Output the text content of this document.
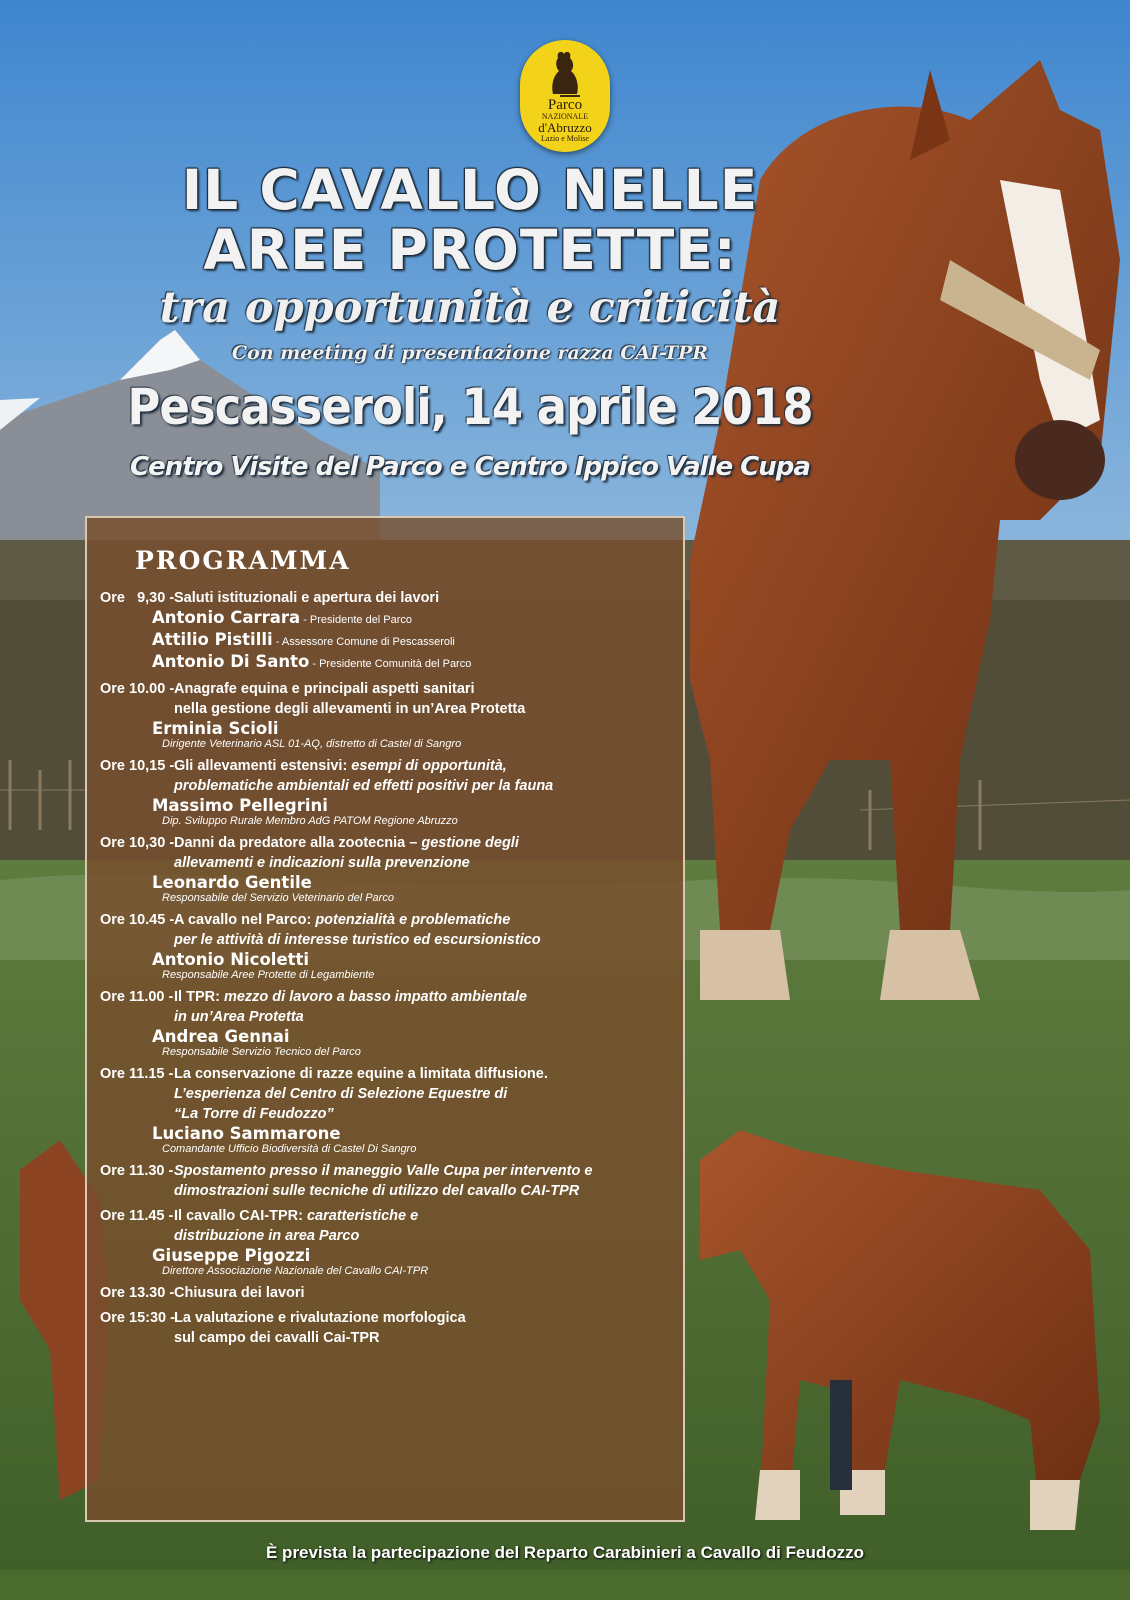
Parco
NAZIONALE
d'Abruzzo
Lazio e Molise
IL CAVALLO NELLE
AREE PROTETTE:
tra opportunità e criticità
Con meeting di presentazione razza CAI-TPR
Pescasseroli, 14 aprile 2018
Centro Visite del Parco e Centro Ippico Valle Cupa
PROGRAMMA
Ore   9,30 - Saluti istituzionali e apertura dei lavori
Antonio Carrara - Presidente del Parco
Attilio Pistilli - Assessore Comune di Pescasseroli
Antonio Di Santo - Presidente Comunità del Parco
Ore 10.00 - Anagrafe equina e principali aspetti sanitari
nella gestione degli allevamenti in un’Area Protetta
Erminia Scioli
Dirigente Veterinario ASL 01-AQ, distretto di Castel di Sangro
Ore 10,15 - Gli allevamenti estensivi: esempi di opportunità,
problematiche ambientali ed effetti positivi per la fauna
Massimo Pellegrini
Dip. Sviluppo Rurale Membro AdG PATOM Regione Abruzzo
Ore 10,30 - Danni da predatore alla zootecnia – gestione degli
allevamenti e indicazioni sulla prevenzione
Leonardo Gentile
Responsabile del Servizio Veterinario del Parco
Ore 10.45 - A cavallo nel Parco: potenzialità e problematiche
per le attività di interesse turistico ed escursionistico
Antonio Nicoletti
Responsabile Aree Protette di Legambiente
Ore 11.00 - Il TPR: mezzo di lavoro a basso impatto ambientale
in un’Area Protetta
Andrea Gennai
Responsabile Servizio Tecnico del Parco
Ore 11.15 - La conservazione di razze equine a limitata diffusione.
L’esperienza del Centro di Selezione Equestre di
“La Torre di Feudozzo”
Luciano Sammarone
Comandante Ufficio Biodiversità di Castel Di Sangro
Ore 11.30 - Spostamento presso il maneggio Valle Cupa per intervento e
dimostrazioni sulle tecniche di utilizzo del cavallo CAI-TPR
Ore 11.45 - Il cavallo CAI-TPR: caratteristiche e
distribuzione in area Parco
Giuseppe Pigozzi
Direttore Associazione Nazionale del Cavallo CAI-TPR
Ore 13.30 - Chiusura dei lavori
Ore 15:30 - La valutazione e rivalutazione morfologica
sul campo dei cavalli Cai-TPR
È prevista la partecipazione del Reparto Carabinieri a Cavallo di Feudozzo
